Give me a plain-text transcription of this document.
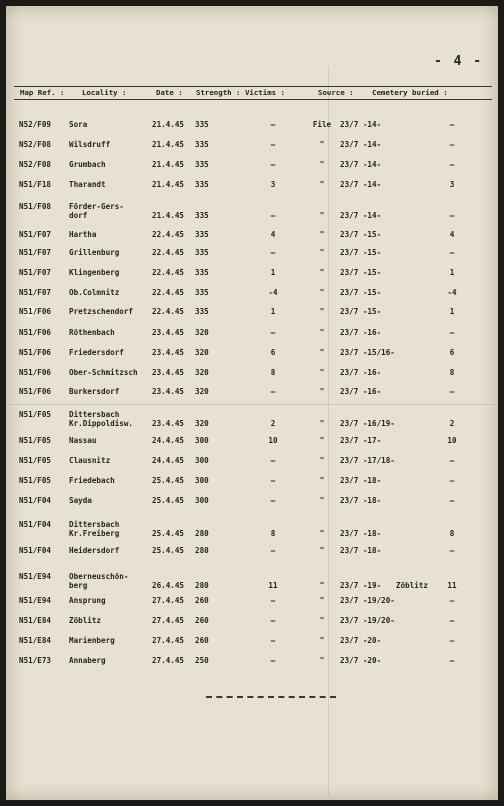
- 4 -
Map Ref. : Locality :	Date : Strength : Victims :	Source : Cemetery buried :
N52/F09 Sora	21.4.45 335	—	File	23/7 -14-	—
N52/F08 Wilsdruff	21.4.45 335	—	"	23/7 -14-	—
N52/F08 Grumbach	21.4.45 335	—	"	23/7 -14-	—
N51/F18 Tharandt	21.4.45 335	3	"	23/7 -14-	3
N51/F08 Förder-Gers-
dorf	21.4.45 335	—	"	23/7 -14-	—
N51/F07 Hartha	22.4.45 335	4	"	23/7 -15-	4
N51/F07 Grillenburg	22.4.45 335	—	"	23/7 -15-	—
N51/F07 Klingenberg	22.4.45 335	1	"	23/7 -15-	1
N51/F07 Ob.Colmnitz	22.4.45 335	-4	"	23/7 -15-	-4
N51/F06 Pretzschendorf 22.4.45 335	1	"	23/7 -15-	1
N51/F06 Röthenbach	23.4.45 320	—	"	23/7 -16-	—
N51/F06 Friedersdorf	23.4.45 320	6	"	23/7 -15/16-	6
N51/F06 Ober-Schmitzsch 23.4.45 320	8	"	23/7 -16-	8
N51/F06 Burkersdorf	23.4.45 320	—	"	23/7 -16-	—
N51/F05 Dittersbach
Kr.Dippoldisw. 23.4.45 320	2	"	23/7 -16/19-	2
N51/F05 Nassau	24.4.45 300	10	"	23/7 -17-	10
N51/F05 Clausnitz	24.4.45 300	—	"	23/7 -17/18-	—
N51/F05 Friedebach	25.4.45 300	—	"	23/7 -18-	—
N51/F04 Sayda	25.4.45 300	—	"	23/7 -18-	—
N51/F04 Dittersbach
Kr.Freiberg	25.4.45 280	8	"	23/7 -18-	8
N51/F04 Heidersdorf	25.4.45 280	—	"	23/7 -18-	—
N51/E94 Oberneuschön-
berg	26.4.45 280	11	"	23/7 -19- Zöblitz	11
N51/E94 Ansprung	27.4.45 260	—	"	23/7 -19/20-	—
N51/E84 Zöblitz	27.4.45 260	—	"	23/7 -19/20-	—
N51/E84 Marienberg	27.4.45 260	—	"	23/7 -20-	—
N51/E73 Annaberg	27.4.45 250	—	"	23/7 -20-	—
